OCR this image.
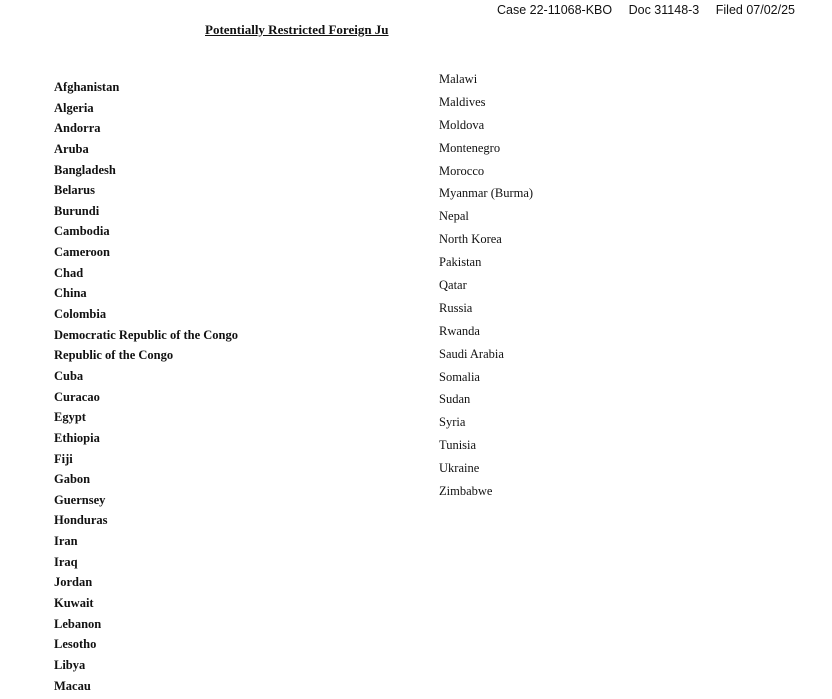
Case 22-11068-KBO Doc 31148-3 Filed 07/02/25
Potentially Restricted Foreign Ju
Afghanistan
Algeria
Andorra
Aruba
Bangladesh
Belarus
Burundi
Cambodia
Cameroon
Chad
China
Colombia
Democratic Republic of the Congo
Republic of the Congo
Cuba
Curacao
Egypt
Ethiopia
Fiji
Gabon
Guernsey
Honduras
Iran
Iraq
Jordan
Kuwait
Lebanon
Lesotho
Libya
Macau
Malawi
Maldives
Moldova
Montenegro
Morocco
Myanmar (Burma)
Nepal
North Korea
Pakistan
Qatar
Russia
Rwanda
Saudi Arabia
Somalia
Sudan
Syria
Tunisia
Ukraine
Zimbabwe
